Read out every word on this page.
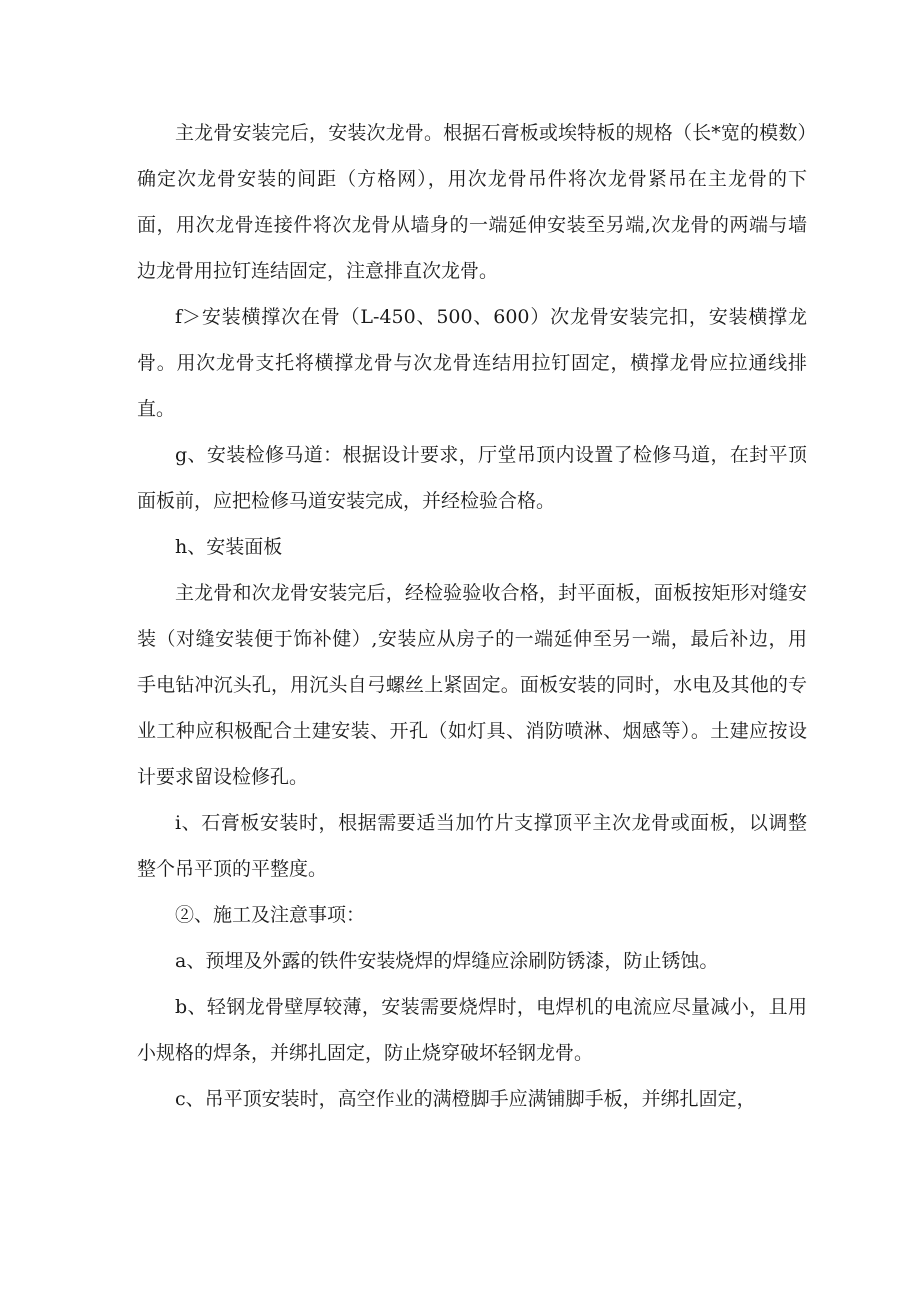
主龙骨安装完后，安装次龙骨。根据石膏板或埃特板的规格（长*宽的模数）确定次龙骨安装的间距（方格网），用次龙骨吊件将次龙骨紧吊在主龙骨的下面，用次龙骨连接件将次龙骨从墙身的一端延伸安装至另端,次龙骨的两端与墙边龙骨用拉钉连结固定，注意排直次龙骨。

f＞安装横撑次在骨（L-450、500、600）次龙骨安装完扣，安装横撑龙骨。用次龙骨支托将横撑龙骨与次龙骨连结用拉钉固定，横撑龙骨应拉通线排直。

g、安装检修马道：根据设计要求，厅堂吊顶内设置了检修马道，在封平顶面板前，应把检修马道安装完成，并经检验合格。

h、安装面板

主龙骨和次龙骨安装完后，经检验验收合格，封平面板，面板按矩形对缝安装（对缝安装便于饰补健）,安装应从房子的一端延伸至另一端，最后补边，用手电钻冲沉头孔，用沉头自弓螺丝上紧固定。面板安装的同时，水电及其他的专业工种应积极配合土建安装、开孔（如灯具、消防喷淋、烟感等）。土建应按设计要求留设检修孔。

i、石膏板安装时，根据需要适当加竹片支撑顶平主次龙骨或面板，以调整整个吊平顶的平整度。

②、施工及注意事项：

a、预埋及外露的铁件安装烧焊的焊缝应涂刷防锈漆，防止锈蚀。

b、轻钢龙骨壁厚较薄，安装需要烧焊时，电焊机的电流应尽量减小，且用小规格的焊条，并绑扎固定，防止烧穿破坏轻钢龙骨。

c、吊平顶安装时，高空作业的满橙脚手应满铺脚手板，并绑扎固定，
